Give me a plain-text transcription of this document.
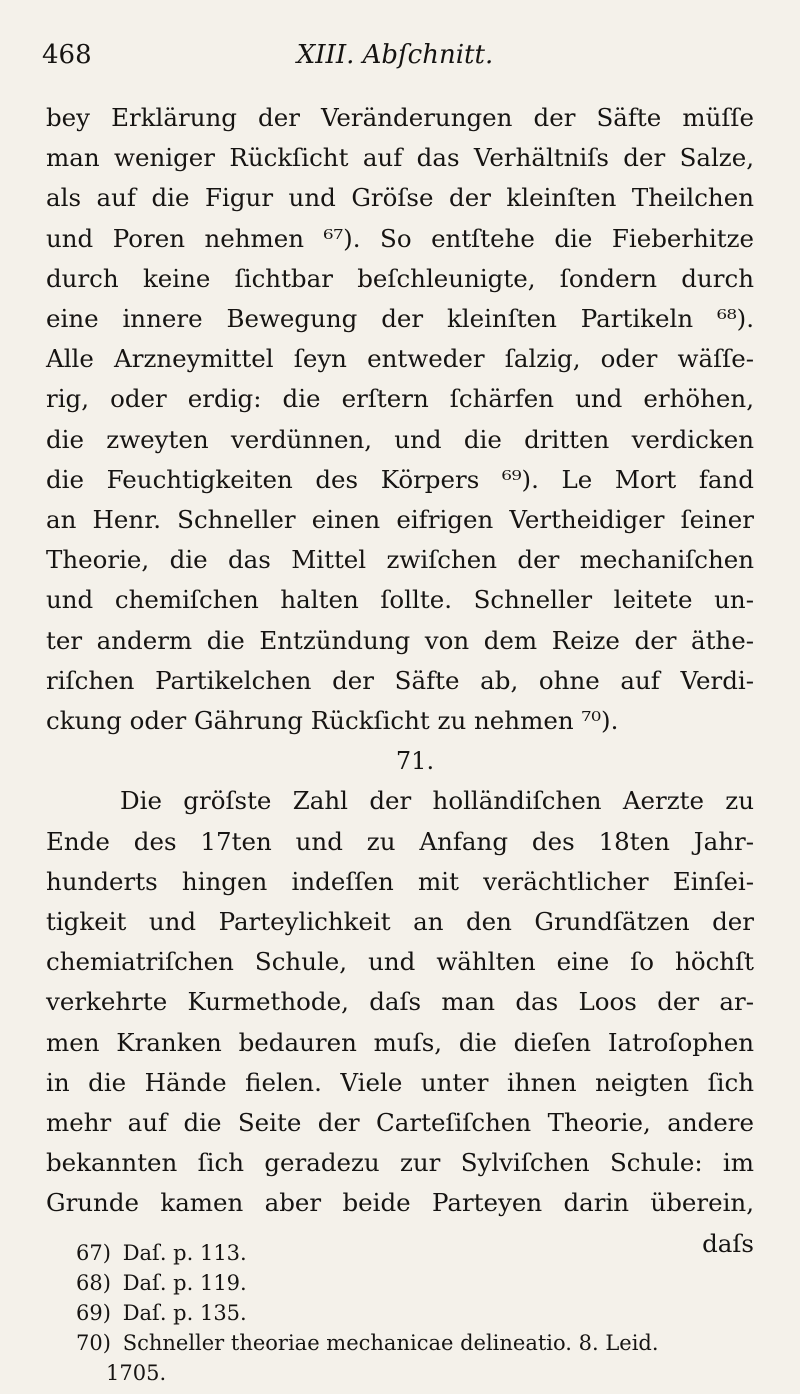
468	XIII. Abſchnitt.
bey Erklärung der Veränderungen der Säfte müſſe
man weniger Rückſicht auf das Verhältniſs der Salze,
als auf die Figur und Gröſse der kleinſten Theilchen
und Poren nehmen ⁶⁷). So entſtehe die Fieberhitze
durch keine ſichtbar beſchleunigte, ſondern durch
eine innere Bewegung der kleinſten Partikeln ⁶⁸).
Alle Arzneymittel ſeyn entweder ſalzig, oder wäſſe-
rig, oder erdig: die erſtern ſchärfen und erhöhen,
die zweyten verdünnen, und die dritten verdicken
die Feuchtigkeiten des Körpers ⁶⁹). Le Mort fand
an Henr. Schneller einen eifrigen Vertheidiger ſeiner
Theorie, die das Mittel zwiſchen der mechaniſchen
und chemiſchen halten ſollte. Schneller leitete un-
ter anderm die Entzündung von dem Reize der äthe-
riſchen Partikelchen der Säfte ab, ohne auf Verdi-
ckung oder Gährung Rückſicht zu nehmen ⁷⁰).
71.
Die gröſste Zahl der holländiſchen Aerzte zu
Ende des 17ten und zu Anfang des 18ten Jahr-
hunderts hingen indeſſen mit verächtlicher Einſei-
tigkeit und Parteylichkeit an den Grundſätzen der
chemiatriſchen Schule, und wählten eine ſo höchſt
verkehrte Kurmethode, daſs man das Loos der ar-
men Kranken bedauren muſs, die dieſen Iatroſophen
in die Hände fielen. Viele unter ihnen neigten ſich
mehr auf die Seite der Carteſiſchen Theorie, andere
bekannten ſich geradezu zur Sylviſchen Schule: im
Grunde kamen aber beide Parteyen darin überein,
daſs
67) Daſ. p. 113.
68) Daſ. p. 119.
69) Daſ. p. 135.
70) Schneller theoriae mechanicae delineatio. 8. Leid.
1705.
